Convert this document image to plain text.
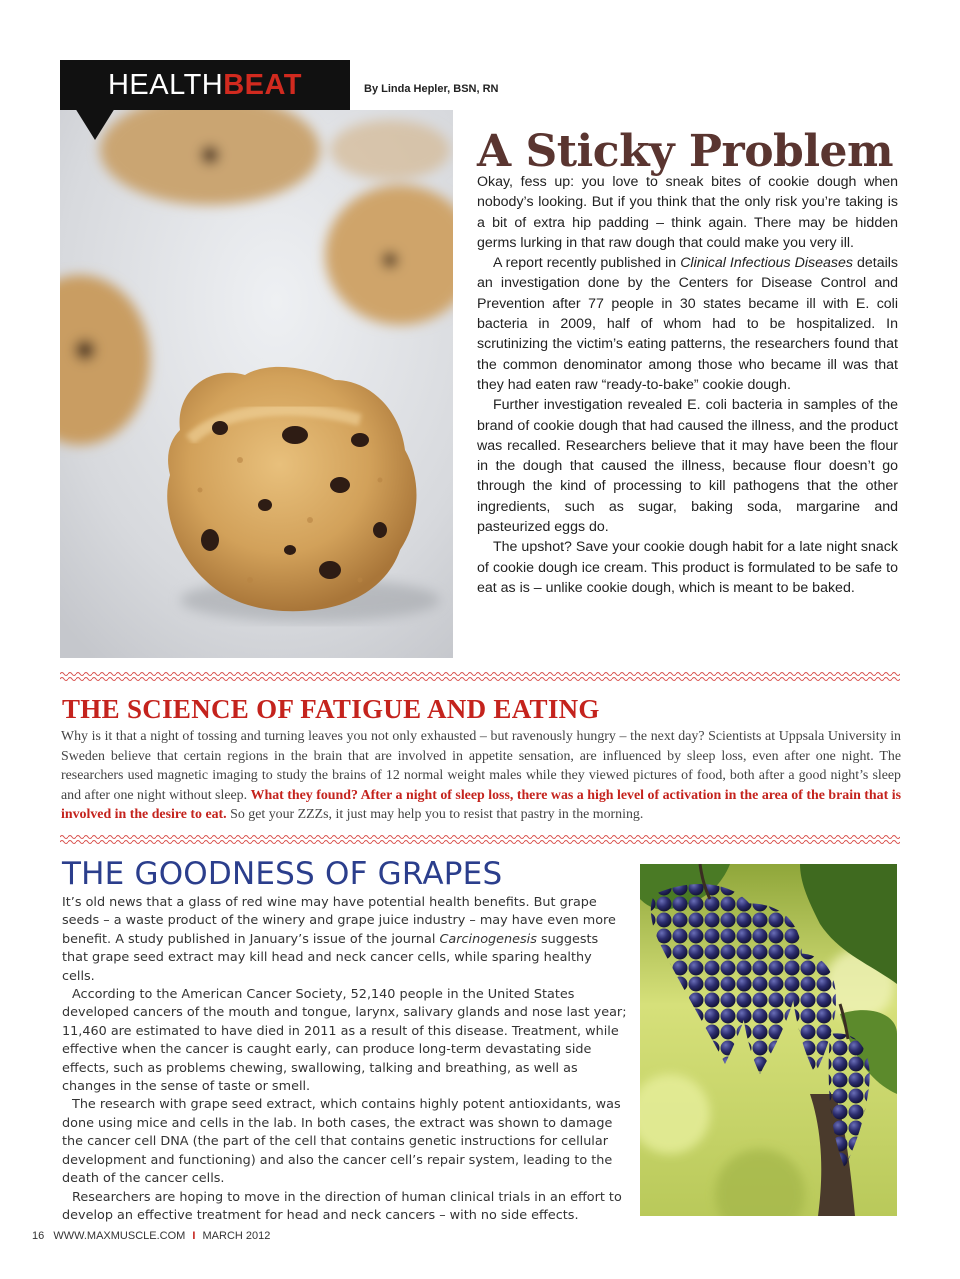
HEALTH BEAT	By Linda Hepler, BSN, RN
A Sticky Problem

Okay, fess up: you love to sneak bites of cookie dough when nobody’s looking. But if you think that the only risk you’re taking is a bit of extra hip padding – think again. There may be hidden germs lurking in that raw dough that could make you very ill.

A report recently published in Clinical Infectious Diseases details an investigation done by the Centers for Disease Control and Prevention after 77 people in 30 states became ill with E. coli bacteria in 2009, half of whom had to be hospitalized. In scrutinizing the victim’s eating patterns, the researchers found that the common denominator among those who became ill was that they had eaten raw “ready-to-bake” cookie dough.

Further investigation revealed E. coli bacteria in samples of the brand of cookie dough that had caused the illness, and the product was recalled. Researchers believe that it may have been the flour in the dough that caused the illness, because flour doesn’t go through the kind of processing to kill pathogens that the other ingredients, such as sugar, baking soda, margarine and pasteurized eggs do.

The upshot? Save your cookie dough habit for a late night snack of cookie dough ice cream. This product is formulated to be safe to eat as is – unlike cookie dough, which is meant to be baked.

THE SCIENCE OF FATIGUE AND EATING
Why is it that a night of tossing and turning leaves you not only exhausted – but ravenously hungry – the next day? Scientists at Uppsala University in Sweden believe that certain regions in the brain that are involved in appetite sensation, are influenced by sleep loss, even after one night. The researchers used magnetic imaging to study the brains of 12 normal weight males while they viewed pictures of food, both after a good night’s sleep and after one night without sleep. What they found? After a night of sleep loss, there was a high level of activation in the area of the brain that is involved in the desire to eat. So get your ZZZs, it just may help you to resist that pastry in the morning.
THE GOODNESS OF GRAPES

It’s old news that a glass of red wine may have potential health benefits. But grape seeds – a waste product of the winery and grape juice industry – may have even more benefit. A study published in January’s issue of the journal Carcinogenesis suggests that grape seed extract may kill head and neck cancer cells, while sparing healthy cells.

According to the American Cancer Society, 52,140 people in the United States developed cancers of the mouth and tongue, larynx, salivary glands and nose last year; 11,460 are estimated to have died in 2011 as a result of this disease. Treatment, while effective when the cancer is caught early, can produce long-term devastating side effects, such as problems chewing, swallowing, talking and breathing, as well as changes in the sense of taste or smell.

The research with grape seed extract, which contains highly potent antioxidants, was done using mice and cells in the lab. In both cases, the extract was shown to damage the cancer cell DNA (the part of the cell that contains genetic instructions for cellular development and functioning) and also the cancer cell’s repair system, leading to the death of the cancer cells.

Researchers are hoping to move in the direction of human clinical trials in an effort to develop an effective treatment for head and neck cancers – with no side effects.

16 WWW.MAXMUSCLE.COM I MARCH 2012
